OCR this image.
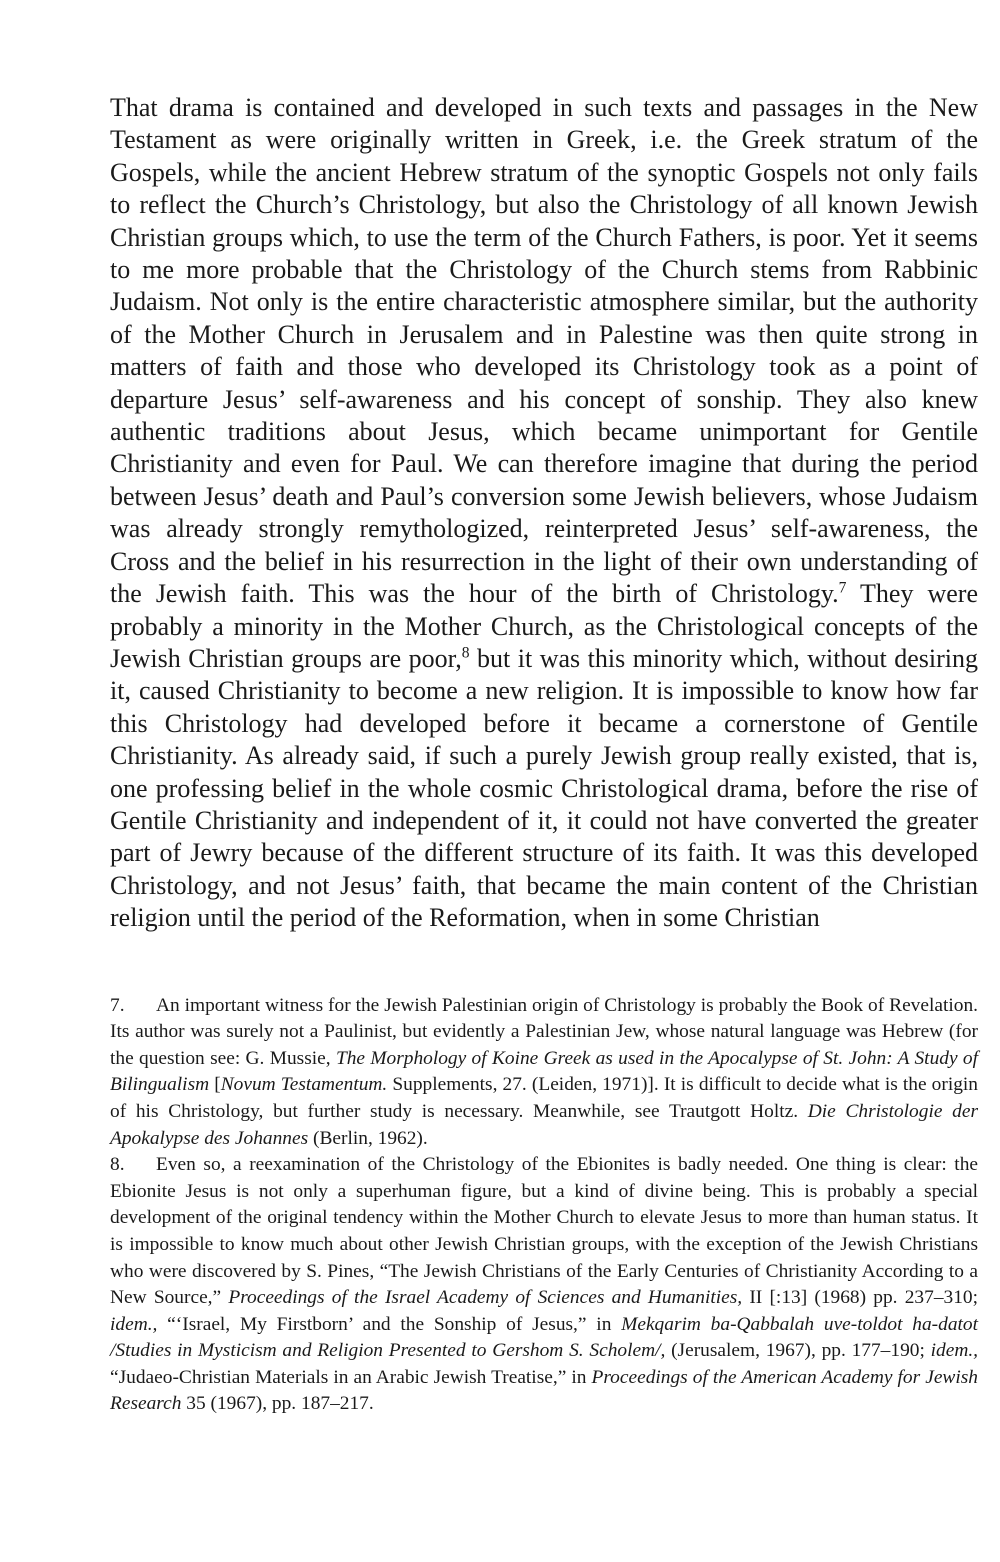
That drama is contained and developed in such texts and passages in the New Testament as were originally written in Greek, i.e. the Greek stratum of the Gospels, while the ancient Hebrew stratum of the synoptic Gospels not only fails to reflect the Church’s Christology, but also the Christology of all known Jewish Christian groups which, to use the term of the Church Fathers, is poor. Yet it seems to me more probable that the Christology of the Church stems from Rabbinic Judaism. Not only is the entire characteristic atmosphere similar, but the authority of the Mother Church in Jerusalem and in Palestine was then quite strong in matters of faith and those who developed its Christology took as a point of departure Jesus’ self-awareness and his concept of sonship. They also knew authentic traditions about Jesus, which became unimportant for Gentile Christianity and even for Paul. We can therefore imagine that during the period between Jesus’ death and Paul’s conversion some Jewish believers, whose Judaism was already strongly remythologized, reinterpreted Jesus’ self-awareness, the Cross and the belief in his resurrection in the light of their own understanding of the Jewish faith. This was the hour of the birth of Christology.$^7$ They were probably a minority in the Mother Church, as the Christological concepts of the Jewish Christian groups are poor,$^8$ but it was this minority which, without desiring it, caused Christianity to become a new religion. It is impossible to know how far this Christology had developed before it became a cornerstone of Gentile Christianity. As already said, if such a purely Jewish group really existed, that is, one professing belief in the whole cosmic Christological drama, before the rise of Gentile Christianity and independent of it, it could not have converted the greater part of Jewry because of the different structure of its faith. It was this developed Christology, and not Jesus’ faith, that became the main content of the Christian religion until the period of the Reformation, when in some Christian

7. An important witness for the Jewish Palestinian origin of Christology is probably the Book of Revelation. Its author was surely not a Paulinist, but evidently a Palestinian Jew, whose natural language was Hebrew (for the question see: G. Mussie, The Morphology of Koine Greek as used in the Apocalypse of St. John: A Study of Bilingualism [Novum Testamentum. Supplements, 27. (Leiden, 1971)]. It is difficult to decide what is the origin of his Christology, but further study is necessary. Meanwhile, see Trautgott Holtz. Die Christologie der Apokalypse des Johannes (Berlin, 1962).

8. Even so, a reexamination of the Christology of the Ebionites is badly needed. One thing is clear: the Ebionite Jesus is not only a superhuman figure, but a kind of divine being. This is probably a special development of the original tendency within the Mother Church to elevate Jesus to more than human status. It is impossible to know much about other Jewish Christian groups, with the exception of the Jewish Christians who were discovered by S. Pines, “The Jewish Christians of the Early Centuries of Christianity According to a New Source,” Proceedings of the Israel Academy of Sciences and Humanities, II [:13] (1968) pp. 237–310; idem., “‘Israel, My Firstborn’ and the Sonship of Jesus,” in Mekqarim ba-Qabbalah uve-toldot ha-datot /Studies in Mysticism and Religion Presented to Gershom S. Scholem/, (Jerusalem, 1967), pp. 177–190; idem., “Judaeo-Christian Materials in an Arabic Jewish Treatise,” in Proceedings of the American Academy for Jewish Research 35 (1967), pp. 187–217.
